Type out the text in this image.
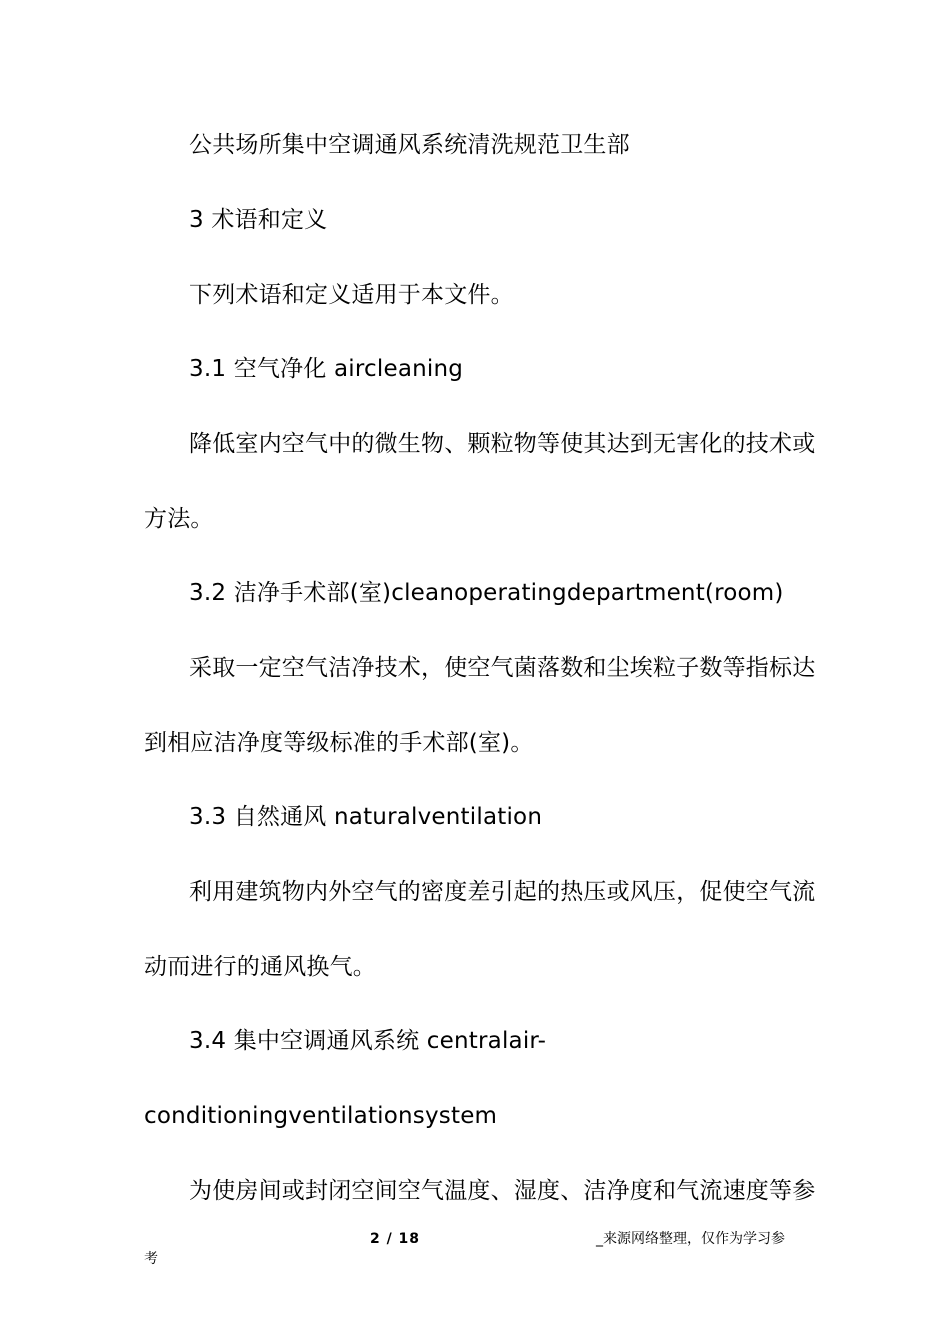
公共场所集中空调通风系统清洗规范卫生部
3 术语和定义
下列术语和定义适用于本文件。
3.1 空气净化 aircleaning
降低室内空气中的微生物、颗粒物等使其达到无害化的技术或
方法。
3.2 洁净手术部(室)cleanoperatingdepartment(room)
采取一定空气洁净技术，使空气菌落数和尘埃粒子数等指标达
到相应洁净度等级标准的手术部(室)。
3.3 自然通风 naturalventilation
利用建筑物内外空气的密度差引起的热压或风压，促使空气流
动而进行的通风换气。
3.4 集中空调通风系统 centralair-
conditioningventilationsystem
为使房间或封闭空间空气温度、湿度、洁净度和气流速度等参
2 / 18	_来源网络整理，仅作为学习参
考
